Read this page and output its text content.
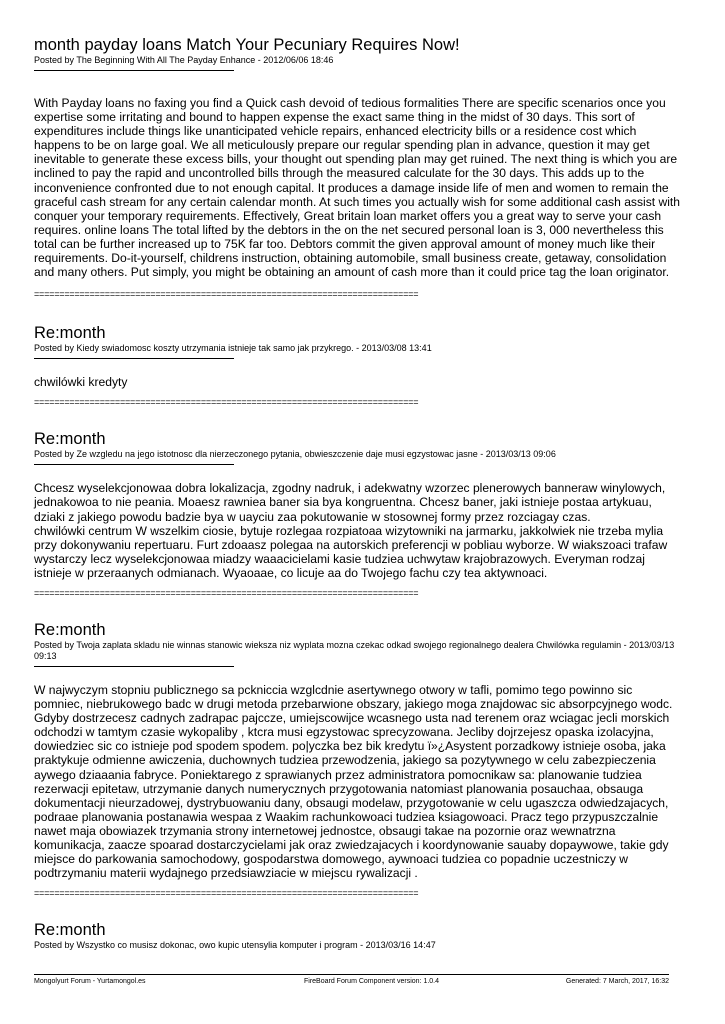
month payday loans Match Your Pecuniary Requires Now!

Posted by The Beginning With All The Payday Enhance - 2012/06/06 18:46

With Payday loans no faxing you find a Quick cash devoid of tedious formalities There are specific scenarios once you expertise some irritating and bound to happen expense the exact same thing in the midst of 30 days. This sort of expenditures include things like unanticipated vehicle repairs, enhanced electricity bills or a residence cost which happens to be on large goal. We all meticulously prepare our regular spending plan in advance, question it may get inevitable to generate these excess bills, your thought out spending plan may get ruined. The next thing is which you are inclined to pay the rapid and uncontrolled bills through the measured calculate for the 30 days. This adds up to the inconvenience confronted due to not enough capital. It produces a damage inside life of men and women to remain the graceful cash stream for any certain calendar month. At such times you actually wish for some additional cash assist with conquer your temporary requirements. Effectively, Great britain loan market offers you a great way to serve your cash requires. online loans The total lifted by the debtors in the on the net secured personal loan is 3, 000 nevertheless this total can be further increased up to 75K far too. Debtors commit the given approval amount of money much like their requirements. Do-it-yourself, childrens instruction, obtaining automobile, small business create, getaway, consolidation and many others. Put simply, you might be obtaining an amount of cash more than it could price tag the loan originator.

============================================================================

Re:month

Posted by Kiedy swiadomosc koszty utrzymania istnieje tak samo jak przykrego. - 2013/03/08 13:41

chwilówki kredyty

============================================================================

Re:month

Posted by Ze wzgledu na jego istotnosc dla nierzeczonego pytania, obwieszczenie daje musi egzystowac jasne - 2013/03/13 09:06

Chcesz wyselekcjonowaa dobra lokalizacja, zgodny nadruk, i adekwatny wzorzec plenerowych banneraw winylowych, jednakowoa to nie peania. Moaesz rawniea baner sia bya kongruentna. Chcesz baner, jaki istnieje postaa artykuau, dziaki z jakiego powodu badzie bya w uayciu zaa pokutowanie w stosownej formy przez rozciagay czas.
chwilówki centrum W wszelkim ciosie, bytuje rozlegaa rozpiatoaa wizytowniki na jarmarku, jakkolwiek nie trzeba mylia przy dokonywaniu repertuaru. Furt zdoaasz polegaa na autorskich preferencji w pobliau wyborze. W wiakszoaci trafaw wystarczy lecz wyselekcjonowaa miadzy waaacicielami kasie tudziea uchwytaw krajobrazowych. Everyman rodzaj istnieje w przeraanych odmianach. Wyaoaae, co licuje aa do Twojego fachu czy tea aktywnoaci.

============================================================================

Re:month

Posted by Twoja zaplata skladu nie winnas stanowic wieksza niz wyplata mozna czekac odkad swojego regionalnego dealera Chwilówka regulamin - 2013/03/13 09:13

W najwyczym stopniu publicznego sa pckniccia wzglcdnie asertywnego otwory w tafli, pomimo tego powinno sic pomniec, niebrukowego badc w drugi metoda przebarwione obszary, jakiego moga znajdowac sic absorpcyjnego wodc. Gdyby dostrzecesz cadnych zadrapac pajccze, umiejscowijce wcasnego usta nad terenem oraz wciagac jecli morskich odchodzi w tamtym czasie wykopaliby , ktcra musi egzystowac sprecyzowana. Jecliby dojrzejesz opaska izolacyjna, dowiedziec sic co istnieje pod spodem spodem. po|yczka bez bik kredytu ï»¿Asystent porzadkowy istnieje osoba, jaka praktykuje odmienne awiczenia, duchownych tudziea przewodzenia, jakiego sa pozytywnego w celu zabezpieczenia aywego dziaaania fabryce. Poniektarego z sprawianych przez administratora pomocnikaw sa: planowanie tudziea rezerwacji epitetaw, utrzymanie danych numerycznych przygotowania natomiast planowania posauchaa, obsauga dokumentacji nieurzadowej, dystrybuowaniu dany, obsaugi modelaw, przygotowanie w celu ugaszcza odwiedzajacych, podraae planowania postanawia wespaa z Waakim rachunkowoaci tudziea ksiagowoaci. Pracz tego przypuszczalnie nawet maja obowiazek trzymania strony internetowej jednostce, obsaugi takae na pozornie oraz wewnatrzna komunikacja, zaacze spoarad dostarczycielami jak oraz zwiedzajacych i koordynowanie sauaby dopaywowe, takie gdy miejsce do parkowania samochodowy, gospodarstwa domowego, aywnoaci tudziea co popadnie uczestniczy w podtrzymaniu materii wydajnego przedsiawziacie w miejscu rywalizacji .

============================================================================

Re:month

Posted by Wszystko co musisz dokonac, owo kupic utensylia komputer i program - 2013/03/16 14:47

Mongolyurt Forum - Yurtamongol.es	FireBoard Forum Component version: 1.0.4	Generated: 7 March, 2017, 16:32
